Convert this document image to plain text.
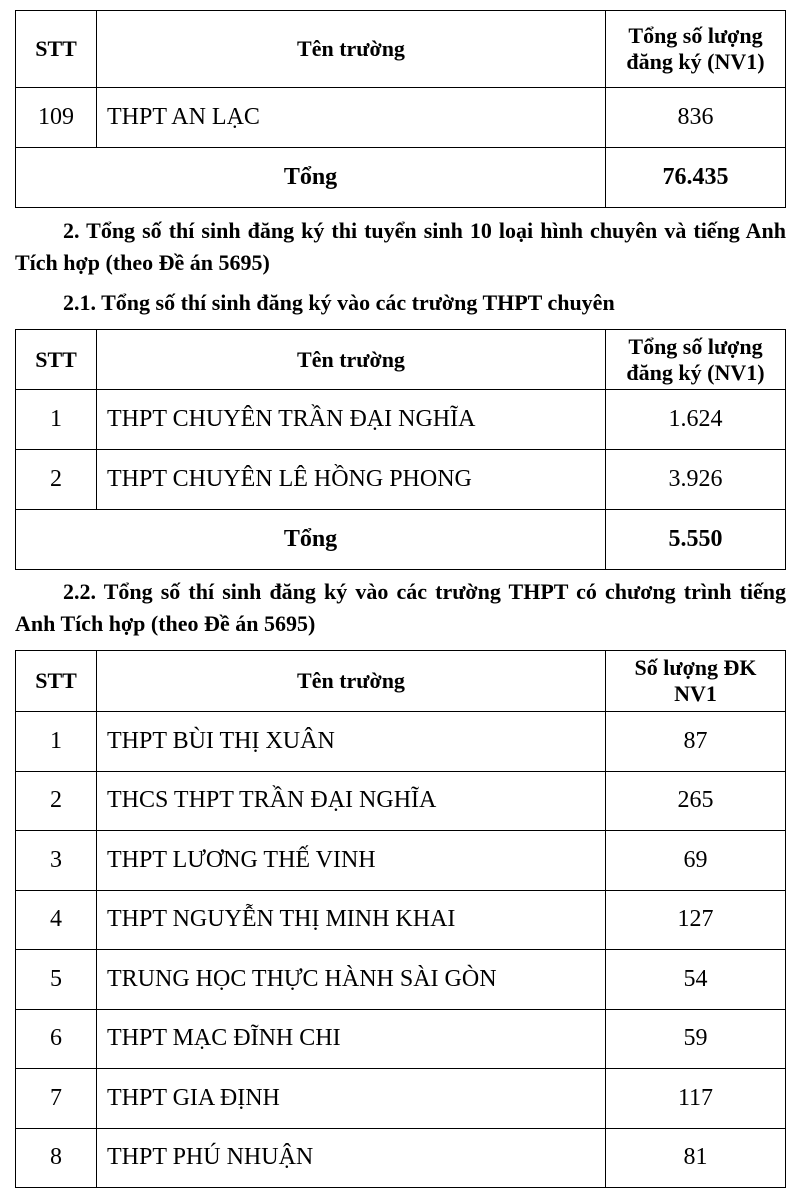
STT	Tên trường	Tổng số lượng đăng ký (NV1)
109	THPT AN LẠC	836
Tổng		76.435
2. Tổng số thí sinh đăng ký thi tuyển sinh 10 loại hình chuyên và tiếng Anh Tích hợp (theo Đề án 5695)
2.1. Tổng số thí sinh đăng ký vào các trường THPT chuyên
STT	Tên trường	Tổng số lượng đăng ký (NV1)
1	THPT CHUYÊN TRẦN ĐẠI NGHĨA	1.624
2	THPT CHUYÊN LÊ HỒNG PHONG	3.926
Tổng		5.550
2.2. Tổng số thí sinh đăng ký vào các trường THPT có chương trình tiếng Anh Tích hợp (theo Đề án 5695)
STT	Tên trường	Số lượng ĐK NV1
1	THPT BÙI THỊ XUÂN	87
2	THCS THPT TRẦN ĐẠI NGHĨA	265
3	THPT LƯƠNG THẾ VINH	69
4	THPT NGUYỄN THỊ MINH KHAI	127
5	TRUNG HỌC THỰC HÀNH SÀI GÒN	54
6	THPT MẠC ĐĨNH CHI	59
7	THPT GIA ĐỊNH	117
8	THPT PHÚ NHUẬN	81
